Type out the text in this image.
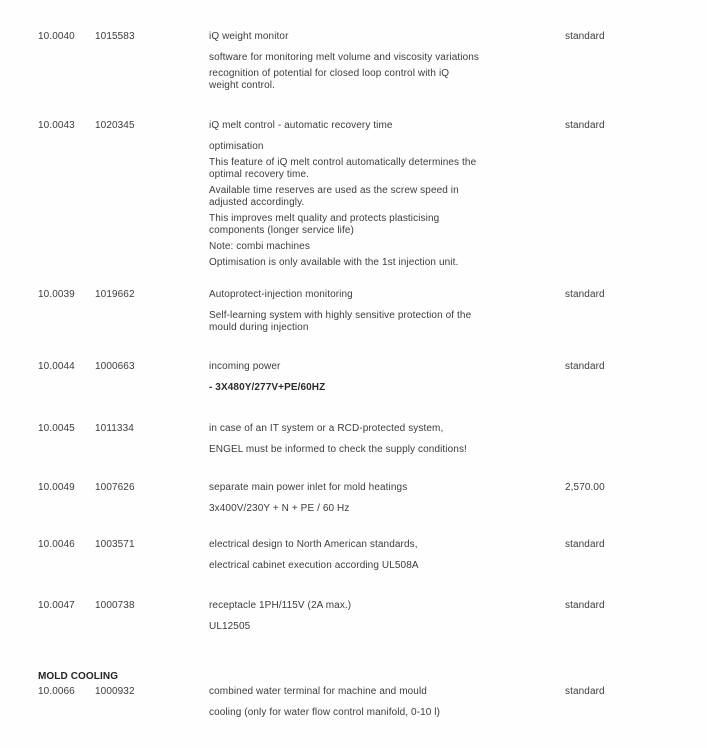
MOLD COOLING
10.0040 1015583	iQ weight monitor
software for monitoring melt volume and viscosity variations
recognition of potential for closed loop control with iQ
weight control.
standard
10.0043 1020345	iQ melt control - automatic recovery time
optimisation
This feature of iQ melt control automatically determines the
optimal recovery time.
Available time reserves are used as the screw speed in
adjusted accordingly.
This improves melt quality and protects plasticising
components (longer service life)
Note: combi machines
Optimisation is only available with the 1st injection unit.
standard
10.0039 1019662	Autoprotect-injection monitoring
Self-learning system with highly sensitive protection of the
mould during injection
standard
10.0044 1000663	incoming power
- 3X480Y/277V+PE/60HZ
standard
10.0045 1011334	in case of an IT system or a RCD-protected system,
ENGEL must be informed to check the supply conditions!
10.0049 1007626	separate main power inlet for mold heatings
3x400V/230Y + N + PE / 60 Hz
2,570.00
10.0046 1003571	electrical design to North American standards,
electrical cabinet execution according UL508A
standard
10.0047 1000738	receptacle 1PH/115V (2A max.)
UL12505
standard
10.0066 1000932	combined water terminal for machine and mould
cooling (only for water flow control manifold, 0-10 l)
standard
